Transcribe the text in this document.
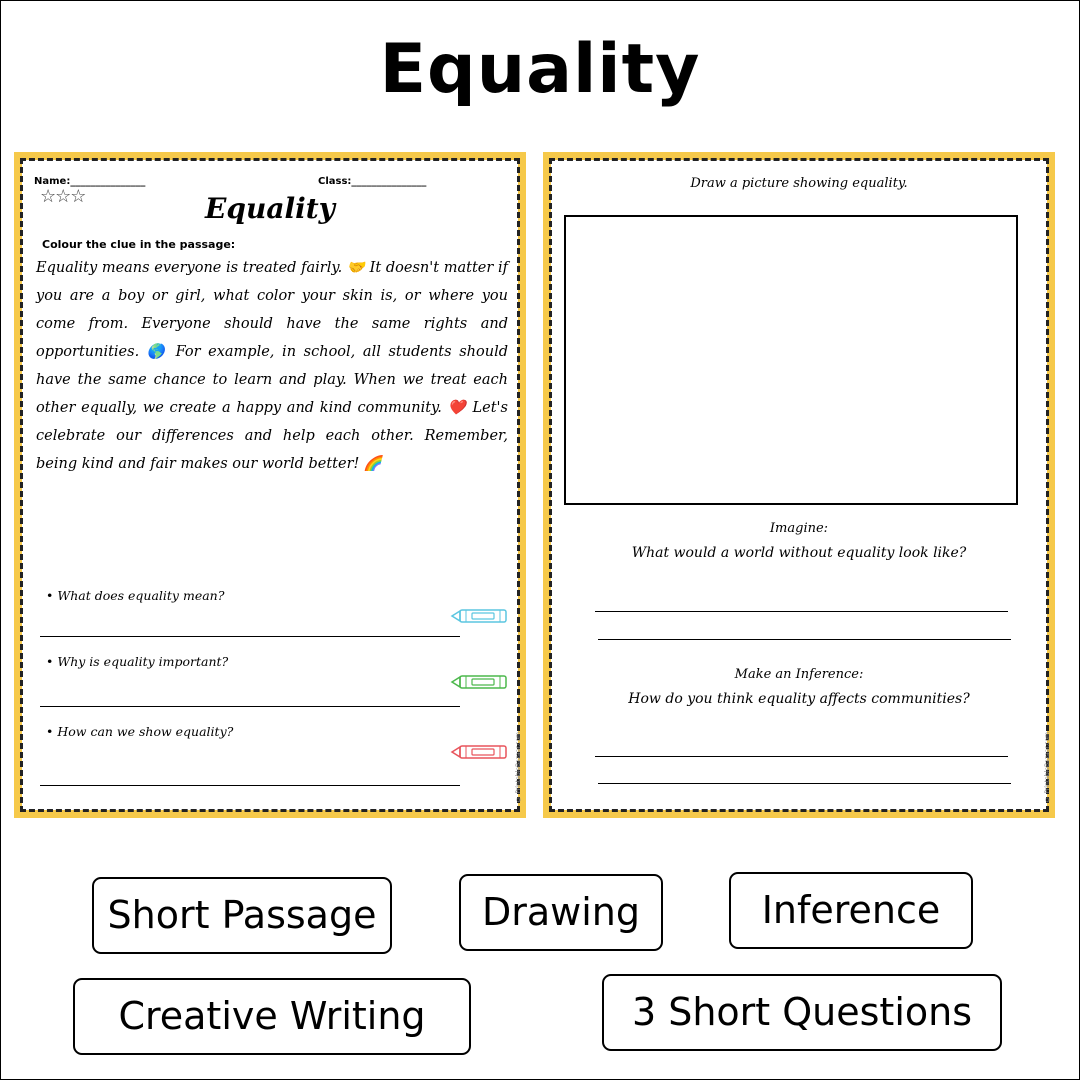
Equality
Name:_______________	Class:_______________
☆☆☆	Equality
Colour the clue in the passage:
Equality means everyone is treated fairly. 🤝 It doesn't matter if you are a boy or girl, what color your skin is, or where you come from. Everyone should have the same rights and opportunities. 🌎 For example, in school, all students should have the same chance to learn and play. When we treat each other equally, we create a happy and kind community. ❤️ Let's celebrate our differences and help each other. Remember, being kind and fair makes our world better! 🌈
• What does equality mean?
• Why is equality important?
• How can we show equality?
© PrintableBazaar.com
Draw a picture showing equality.
Imagine:
What would a world without equality look like?
Make an Inference:
How do you think equality affects communities?
© PrintableBazaar.com
Short Passage	Drawing	Inference
Creative Writing	3 Short Questions
